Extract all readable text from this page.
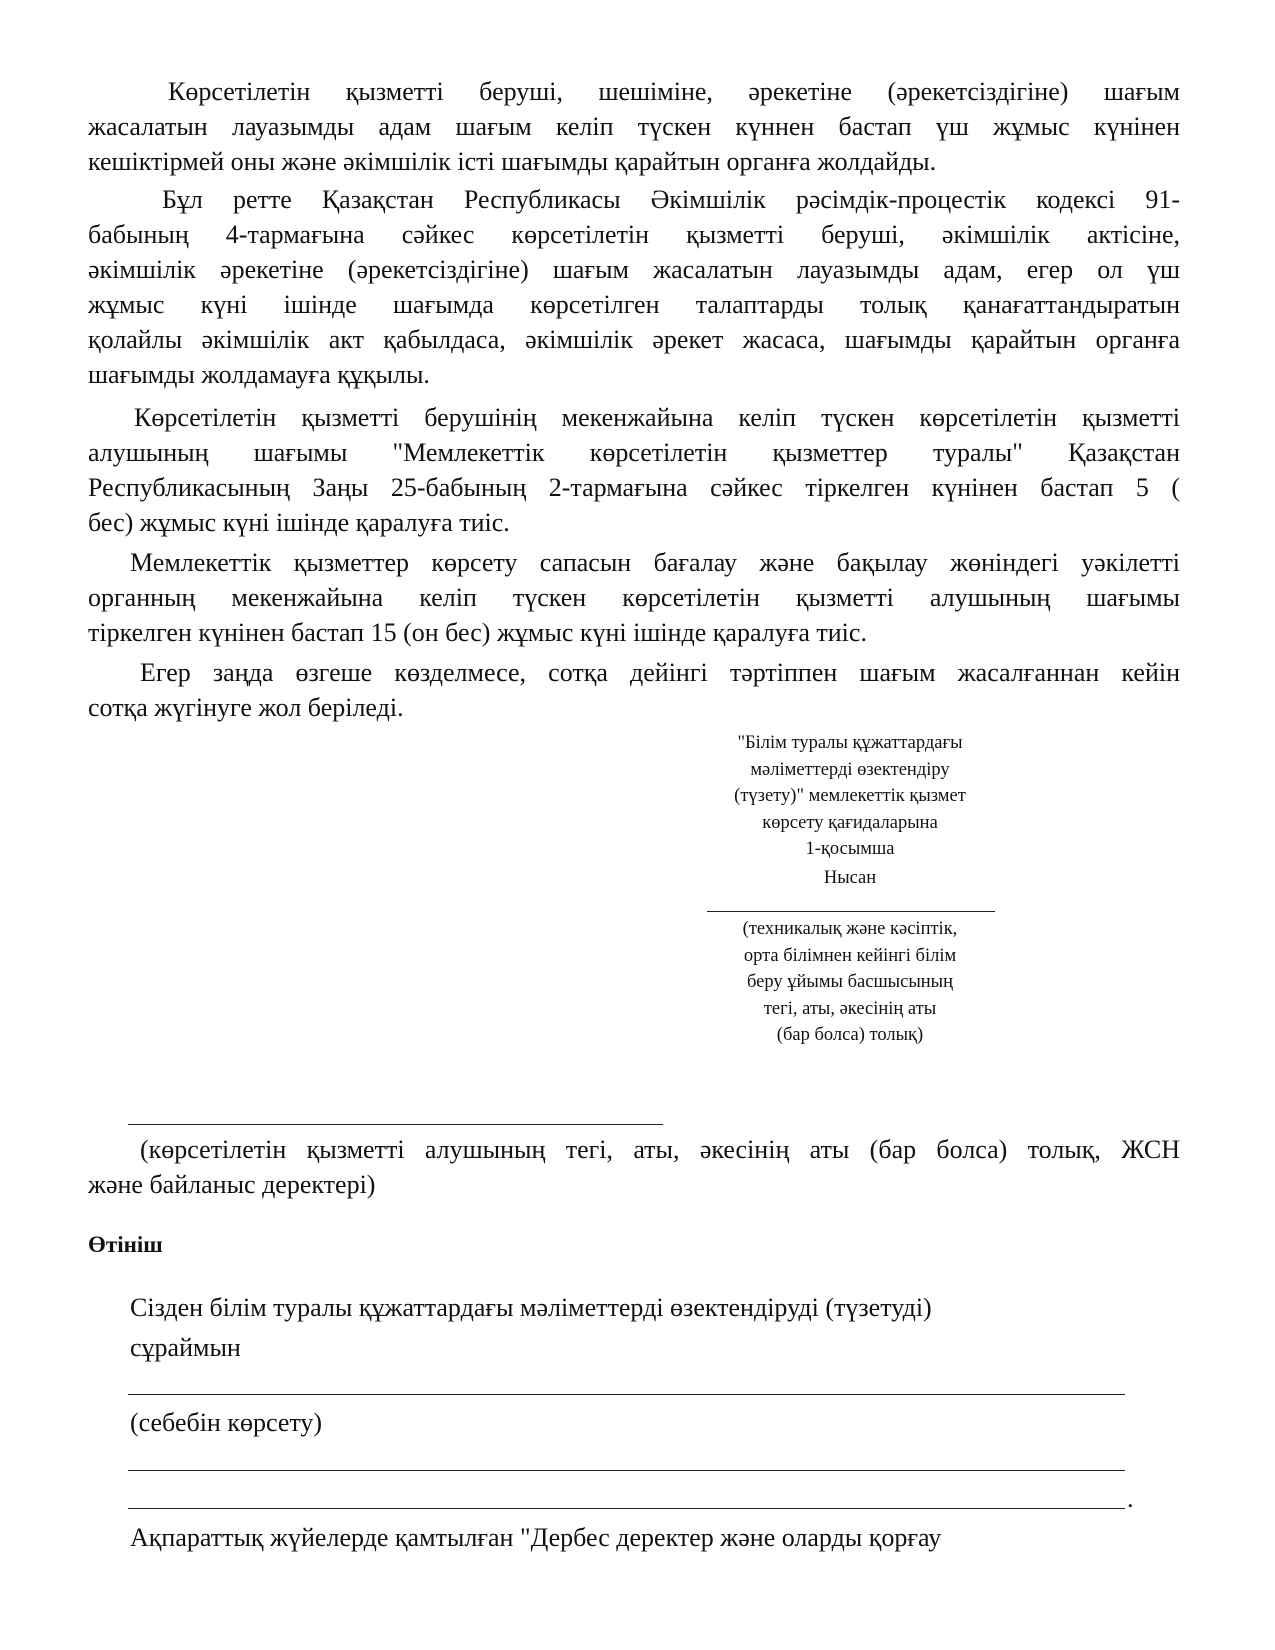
Көрсетілетін қызметті беруші, шешіміне, әрекетіне (әрекетсіздігіне) шағым
жасалатын лауазымды адам шағым келіп түскен күннен бастап үш жұмыс күнінен
кешіктірмей оны және әкімшілік істі шағымды қарайтын органға жолдайды.
Бұл ретте Қазақстан Республикасы Әкімшілік рәсімдік-процестік кодексі 91-
бабының 4-тармағына сәйкес көрсетілетін қызметті беруші, әкімшілік актісіне,
әкімшілік әрекетіне (әрекетсіздігіне) шағым жасалатын лауазымды адам, егер ол үш
жұмыс күні ішінде шағымда көрсетілген талаптарды толық қанағаттандыратын
қолайлы әкімшілік акт қабылдаса, әкімшілік әрекет жасаса, шағымды қарайтын органға
шағымды жолдамауға құқылы.
Көрсетілетін қызметті берушінің мекенжайына келіп түскен көрсетілетін қызметті
алушының шағымы "Мемлекеттік көрсетілетін қызметтер туралы" Қазақстан
Республикасының Заңы 25-бабының 2-тармағына сәйкес тіркелген күнінен бастап 5 (
бес) жұмыс күні ішінде қаралуға тиіс.
Мемлекеттік қызметтер көрсету сапасын бағалау және бақылау жөніндегі уәкілетті
органның мекенжайына келіп түскен көрсетілетін қызметті алушының шағымы
тіркелген күнінен бастап 15 (он бес) жұмыс күні ішінде қаралуға тиіс.
Егер заңда өзгеше көзделмесе, сотқа дейінгі тәртіппен шағым жасалғаннан кейін
сотқа жүгінуге жол беріледі.
"Білім туралы құжаттардағы
мәліметтерді өзектендіру
(түзету)" мемлекеттік қызмет
көрсету қағидаларына
1-қосымша
Нысан
(техникалық және кәсіптік,
орта білімнен кейінгі білім
беру ұйымы басшысының
тегі, аты, әкесінің аты
(бар болса) толық)
(көрсетілетін қызметті алушының тегі, аты, әкесінің аты (бар болса) толық, ЖСН
және байланыс деректері)
Өтініш
Сізден білім туралы құжаттардағы мәліметтерді өзектендіруді (түзетуді)
сұраймын
(себебін көрсету)
.
Ақпараттық жүйелерде қамтылған "Дербес деректер және оларды қорғау
